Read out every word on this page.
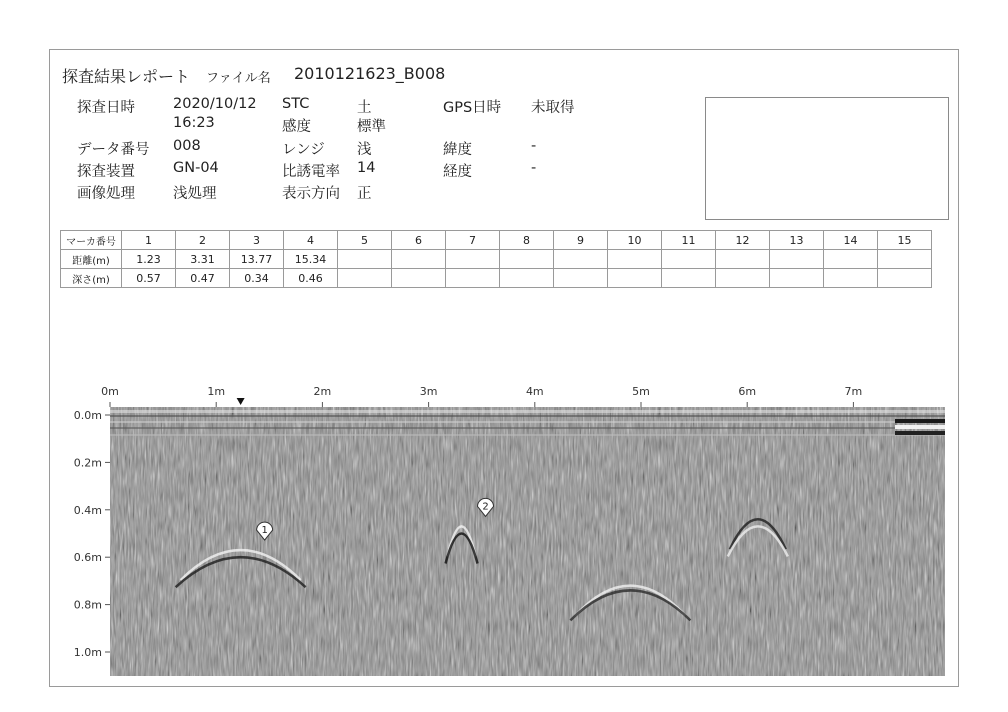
探査結果レポート ファイル名 2010121623_B008
探査日時	2020/10/12
16:23
データ番号 008
探査装置	GN-04
画像処理	浅処理
STC	土
感度	標準
レンジ 浅
比誘電率 14
表示方向 正
GPS日時 未取得
緯度	-
経度	-
マーカ番号	1	2	3	4	5	6	7	8	9	10	11	12	13	14	15
距離(m)	1.23	3.31	13.77	15.34											
深さ(m)	0.57	0.47	0.34	0.46											
0m	1m	2m	3m	4m	5m	6m	7m
0.0m
0.2m
0.4m
0.6m
0.8m
1.0m
1
2
